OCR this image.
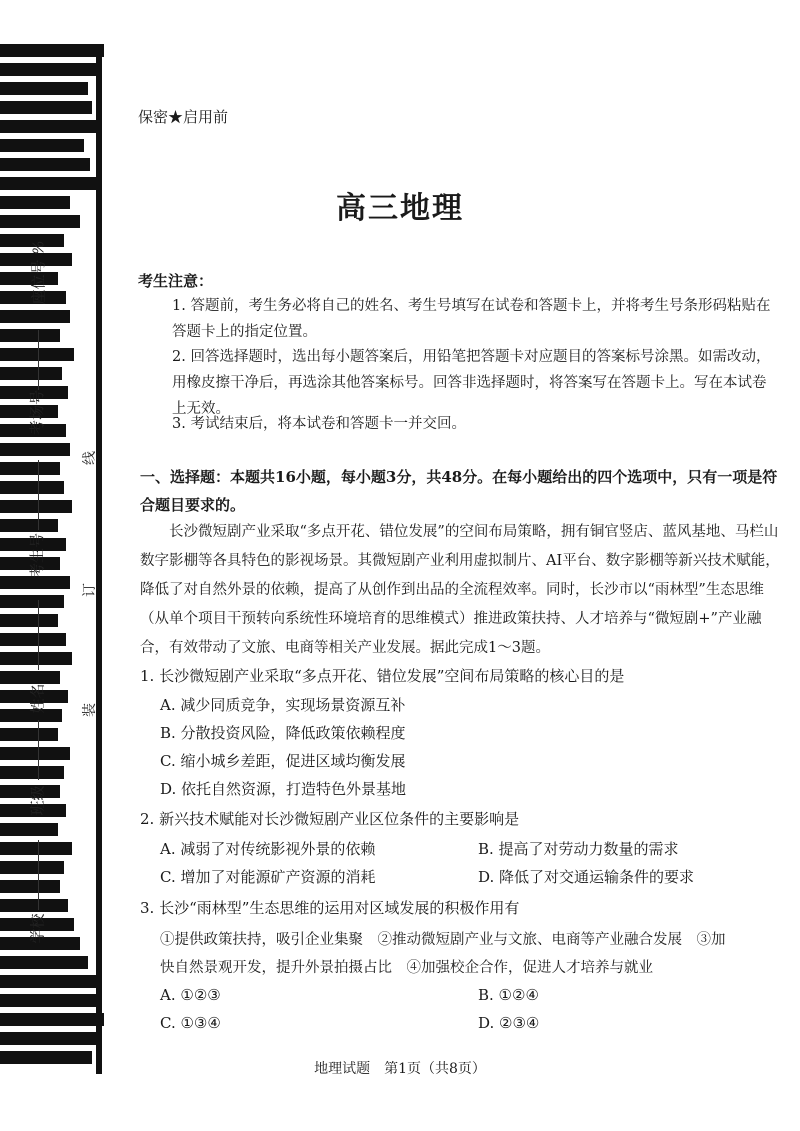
座位号 %
考场号
考生号
姓名
班级
学校
线
订
装
保密★启用前
高三地理
考生注意：
1. 答题前，考生务必将自己的姓名、考生号填写在试卷和答题卡上，并将考生号条形码粘贴在答题卡上的指定位置。
2. 回答选择题时，选出每小题答案后，用铅笔把答题卡对应题目的答案标号涂黑。如需改动，用橡皮擦干净后，再选涂其他答案标号。回答非选择题时，将答案写在答题卡上。写在本试卷上无效。
3. 考试结束后，将本试卷和答题卡一并交回。
一、选择题：本题共16小题，每小题3分，共48分。在每小题给出的四个选项中，只有一项是符合题目要求的。
长沙微短剧产业采取“多点开花、错位发展”的空间布局策略，拥有铜官竖店、蓝风基地、马栏山数字影棚等各具特色的影视场景。其微短剧产业利用虚拟制片、AI平台、数字影棚等新兴技术赋能，降低了对自然外景的依赖，提高了从创作到出品的全流程效率。同时，长沙市以“雨林型”生态思维（从单个项目干预转向系统性环境培育的思维模式）推进政策扶持、人才培养与“微短剧+”产业融合，有效带动了文旅、电商等相关产业发展。据此完成1～3题。
1. 长沙微短剧产业采取“多点开花、错位发展”空间布局策略的核心目的是
A. 减少同质竞争，实现场景资源互补
B. 分散投资风险，降低政策依赖程度
C. 缩小城乡差距，促进区域均衡发展
D. 依托自然资源，打造特色外景基地
2. 新兴技术赋能对长沙微短剧产业区位条件的主要影响是
A. 减弱了对传统影视外景的依赖	B. 提高了对劳动力数量的需求
C. 增加了对能源矿产资源的消耗	D. 降低了对交通运输条件的要求
3. 长沙“雨林型”生态思维的运用对区域发展的积极作用有
①提供政策扶持，吸引企业集聚　②推动微短剧产业与文旅、电商等产业融合发展　③加
快自然景观开发，提升外景拍摄占比　④加强校企合作，促进人才培养与就业
A. ①②③	B. ①②④
C. ①③④	D. ②③④
地理试题　第1页（共8页）
